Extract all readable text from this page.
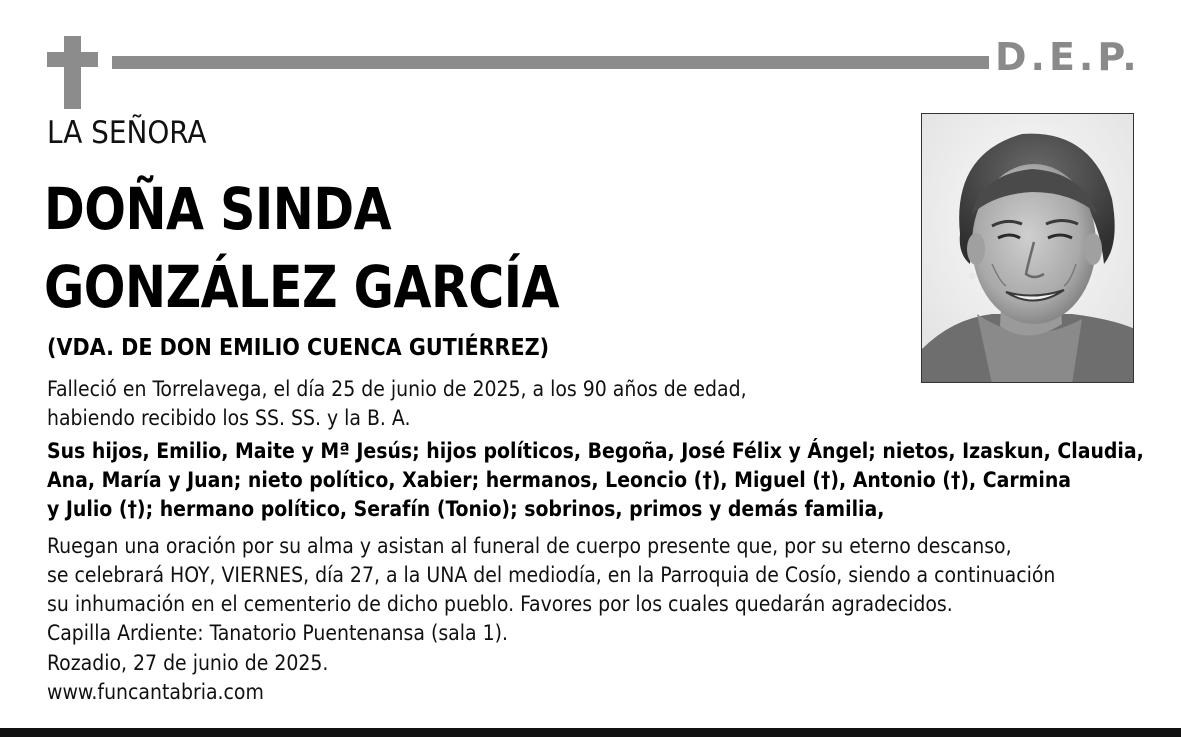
D.E.P.
LA SEÑORA
DOÑA SINDA
GONZÁLEZ GARCÍA
(VDA. DE DON EMILIO CUENCA GUTIÉRREZ)
Falleció en Torrelavega, el día 25 de junio de 2025, a los 90 años de edad,
habiendo recibido los SS. SS. y la B. A.
Sus hijos, Emilio, Maite y Mª Jesús; hijos políticos, Begoña, José Félix y Ángel; nietos, Izaskun, Claudia,
Ana, María y Juan; nieto político, Xabier; hermanos, Leoncio (†), Miguel (†), Antonio (†), Carmina
y Julio (†); hermano político, Serafín (Tonio); sobrinos, primos y demás familia,
Ruegan una oración por su alma y asistan al funeral de cuerpo presente que, por su eterno descanso,
se celebrará HOY, VIERNES, día 27, a la UNA del mediodía, en la Parroquia de Cosío, siendo a continuación
su inhumación en el cementerio de dicho pueblo. Favores por los cuales quedarán agradecidos.
Capilla Ardiente: Tanatorio Puentenansa (sala 1).
Rozadio, 27 de junio de 2025.
www.funcantabria.com
